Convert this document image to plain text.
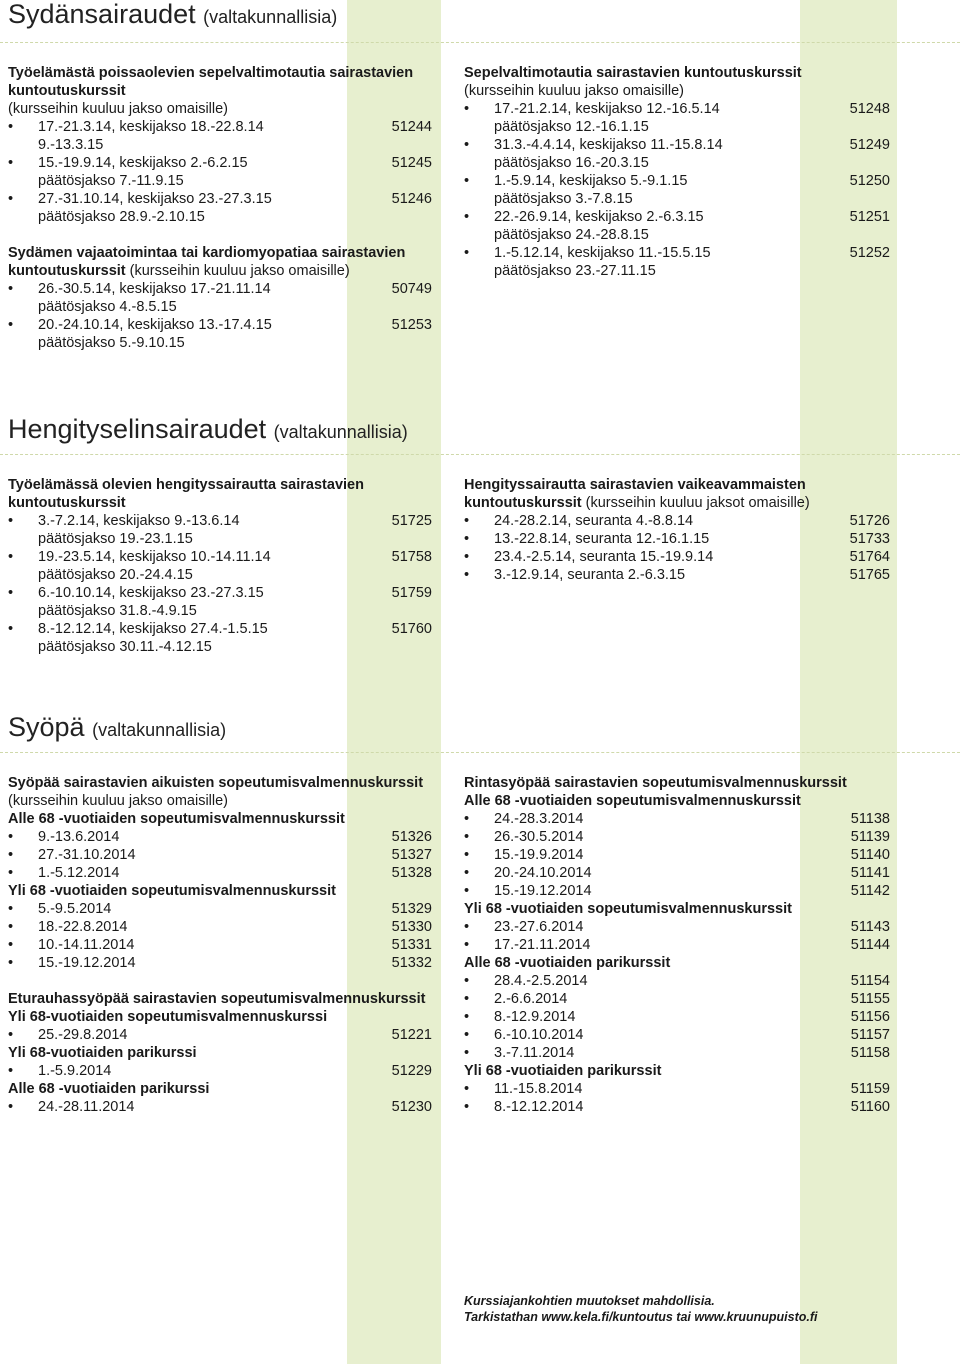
Sydänsairaudet (valtakunnallisia)
Työelämästä poissaolevien sepelvaltimotautia sairastavien kuntoutuskurssit
(kursseihin kuuluu jakso omaisille)
• 17.-21.3.14, keskijakso 18.-22.8.14	51244
9.-13.3.15
• 15.-19.9.14, keskijakso 2.-6.2.15	51245
päätösjakso 7.-11.9.15
• 27.-31.10.14, keskijakso 23.-27.3.15	51246
päätösjakso 28.9.-2.10.15
Sydämen vajaatoimintaa tai kardiomyopatiaa sairastavien kuntoutuskurssit (kursseihin kuuluu jakso omaisille)
• 26.-30.5.14, keskijakso 17.-21.11.14	50749
päätösjakso 4.-8.5.15
• 20.-24.10.14, keskijakso 13.-17.4.15	51253
päätösjakso 5.-9.10.15
Sepelvaltimotautia sairastavien kuntoutuskurssit
(kursseihin kuuluu jakso omaisille)
• 17.-21.2.14, keskijakso 12.-16.5.14	51248
päätösjakso 12.-16.1.15
• 31.3.-4.4.14, keskijakso 11.-15.8.14	51249
päätösjakso 16.-20.3.15
• 1.-5.9.14, keskijakso 5.-9.1.15	51250
päätösjakso 3.-7.8.15
• 22.-26.9.14, keskijakso 2.-6.3.15	51251
päätösjakso 24.-28.8.15
• 1.-5.12.14, keskijakso 11.-15.5.15	51252
päätösjakso 23.-27.11.15
Hengityselinsairaudet (valtakunnallisia)
Työelämässä olevien hengityssairautta sairastavien kuntoutuskurssit
• 3.-7.2.14, keskijakso 9.-13.6.14	51725
päätösjakso 19.-23.1.15
• 19.-23.5.14, keskijakso 10.-14.11.14	51758
päätösjakso 20.-24.4.15
• 6.-10.10.14, keskijakso 23.-27.3.15	51759
päätösjakso 31.8.-4.9.15
• 8.-12.12.14, keskijakso 27.4.-1.5.15	51760
päätösjakso 30.11.-4.12.15
Hengityssairautta sairastavien vaikeavammaisten kuntoutuskurssit (kursseihin kuuluu jaksot omaisille)
• 24.-28.2.14, seuranta 4.-8.8.14	51726
• 13.-22.8.14, seuranta 12.-16.1.15	51733
• 23.4.-2.5.14, seuranta 15.-19.9.14	51764
• 3.-12.9.14, seuranta 2.-6.3.15	51765
Syöpä (valtakunnallisia)
Syöpää sairastavien aikuisten sopeutumisvalmennuskurssit
(kursseihin kuuluu jakso omaisille)
Alle 68 -vuotiaiden sopeutumisvalmennuskurssit
• 9.-13.6.2014	51326
• 27.-31.10.2014	51327
• 1.-5.12.2014	51328
Yli 68 -vuotiaiden sopeutumisvalmennuskurssit
• 5.-9.5.2014	51329
• 18.-22.8.2014	51330
• 10.-14.11.2014	51331
• 15.-19.12.2014	51332
Eturauhassyöpää sairastavien sopeutumisvalmennuskurssit
Yli 68-vuotiaiden sopeutumisvalmennuskurssi
• 25.-29.8.2014	51221
Yli 68-vuotiaiden parikurssi
• 1.-5.9.2014	51229
Alle 68 -vuotiaiden parikurssi
• 24.-28.11.2014	51230
Rintasyöpää sairastavien sopeutumisvalmennuskurssit
Alle 68 -vuotiaiden sopeutumisvalmennuskurssit
• 24.-28.3.2014	51138
• 26.-30.5.2014	51139
• 15.-19.9.2014	51140
• 20.-24.10.2014	51141
• 15.-19.12.2014	51142
Yli 68 -vuotiaiden sopeutumisvalmennuskurssit
• 23.-27.6.2014	51143
• 17.-21.11.2014	51144
Alle 68 -vuotiaiden parikurssit
• 28.4.-2.5.2014	51154
• 2.-6.6.2014	51155
• 8.-12.9.2014	51156
• 6.-10.10.2014	51157
• 3.-7.11.2014	51158
Yli 68 -vuotiaiden parikurssit
• 11.-15.8.2014	51159
• 8.-12.12.2014	51160
Kurssiajankohtien muutokset mahdollisia.
Tarkistathan www.kela.fi/kuntoutus tai www.kruunupuisto.fi
